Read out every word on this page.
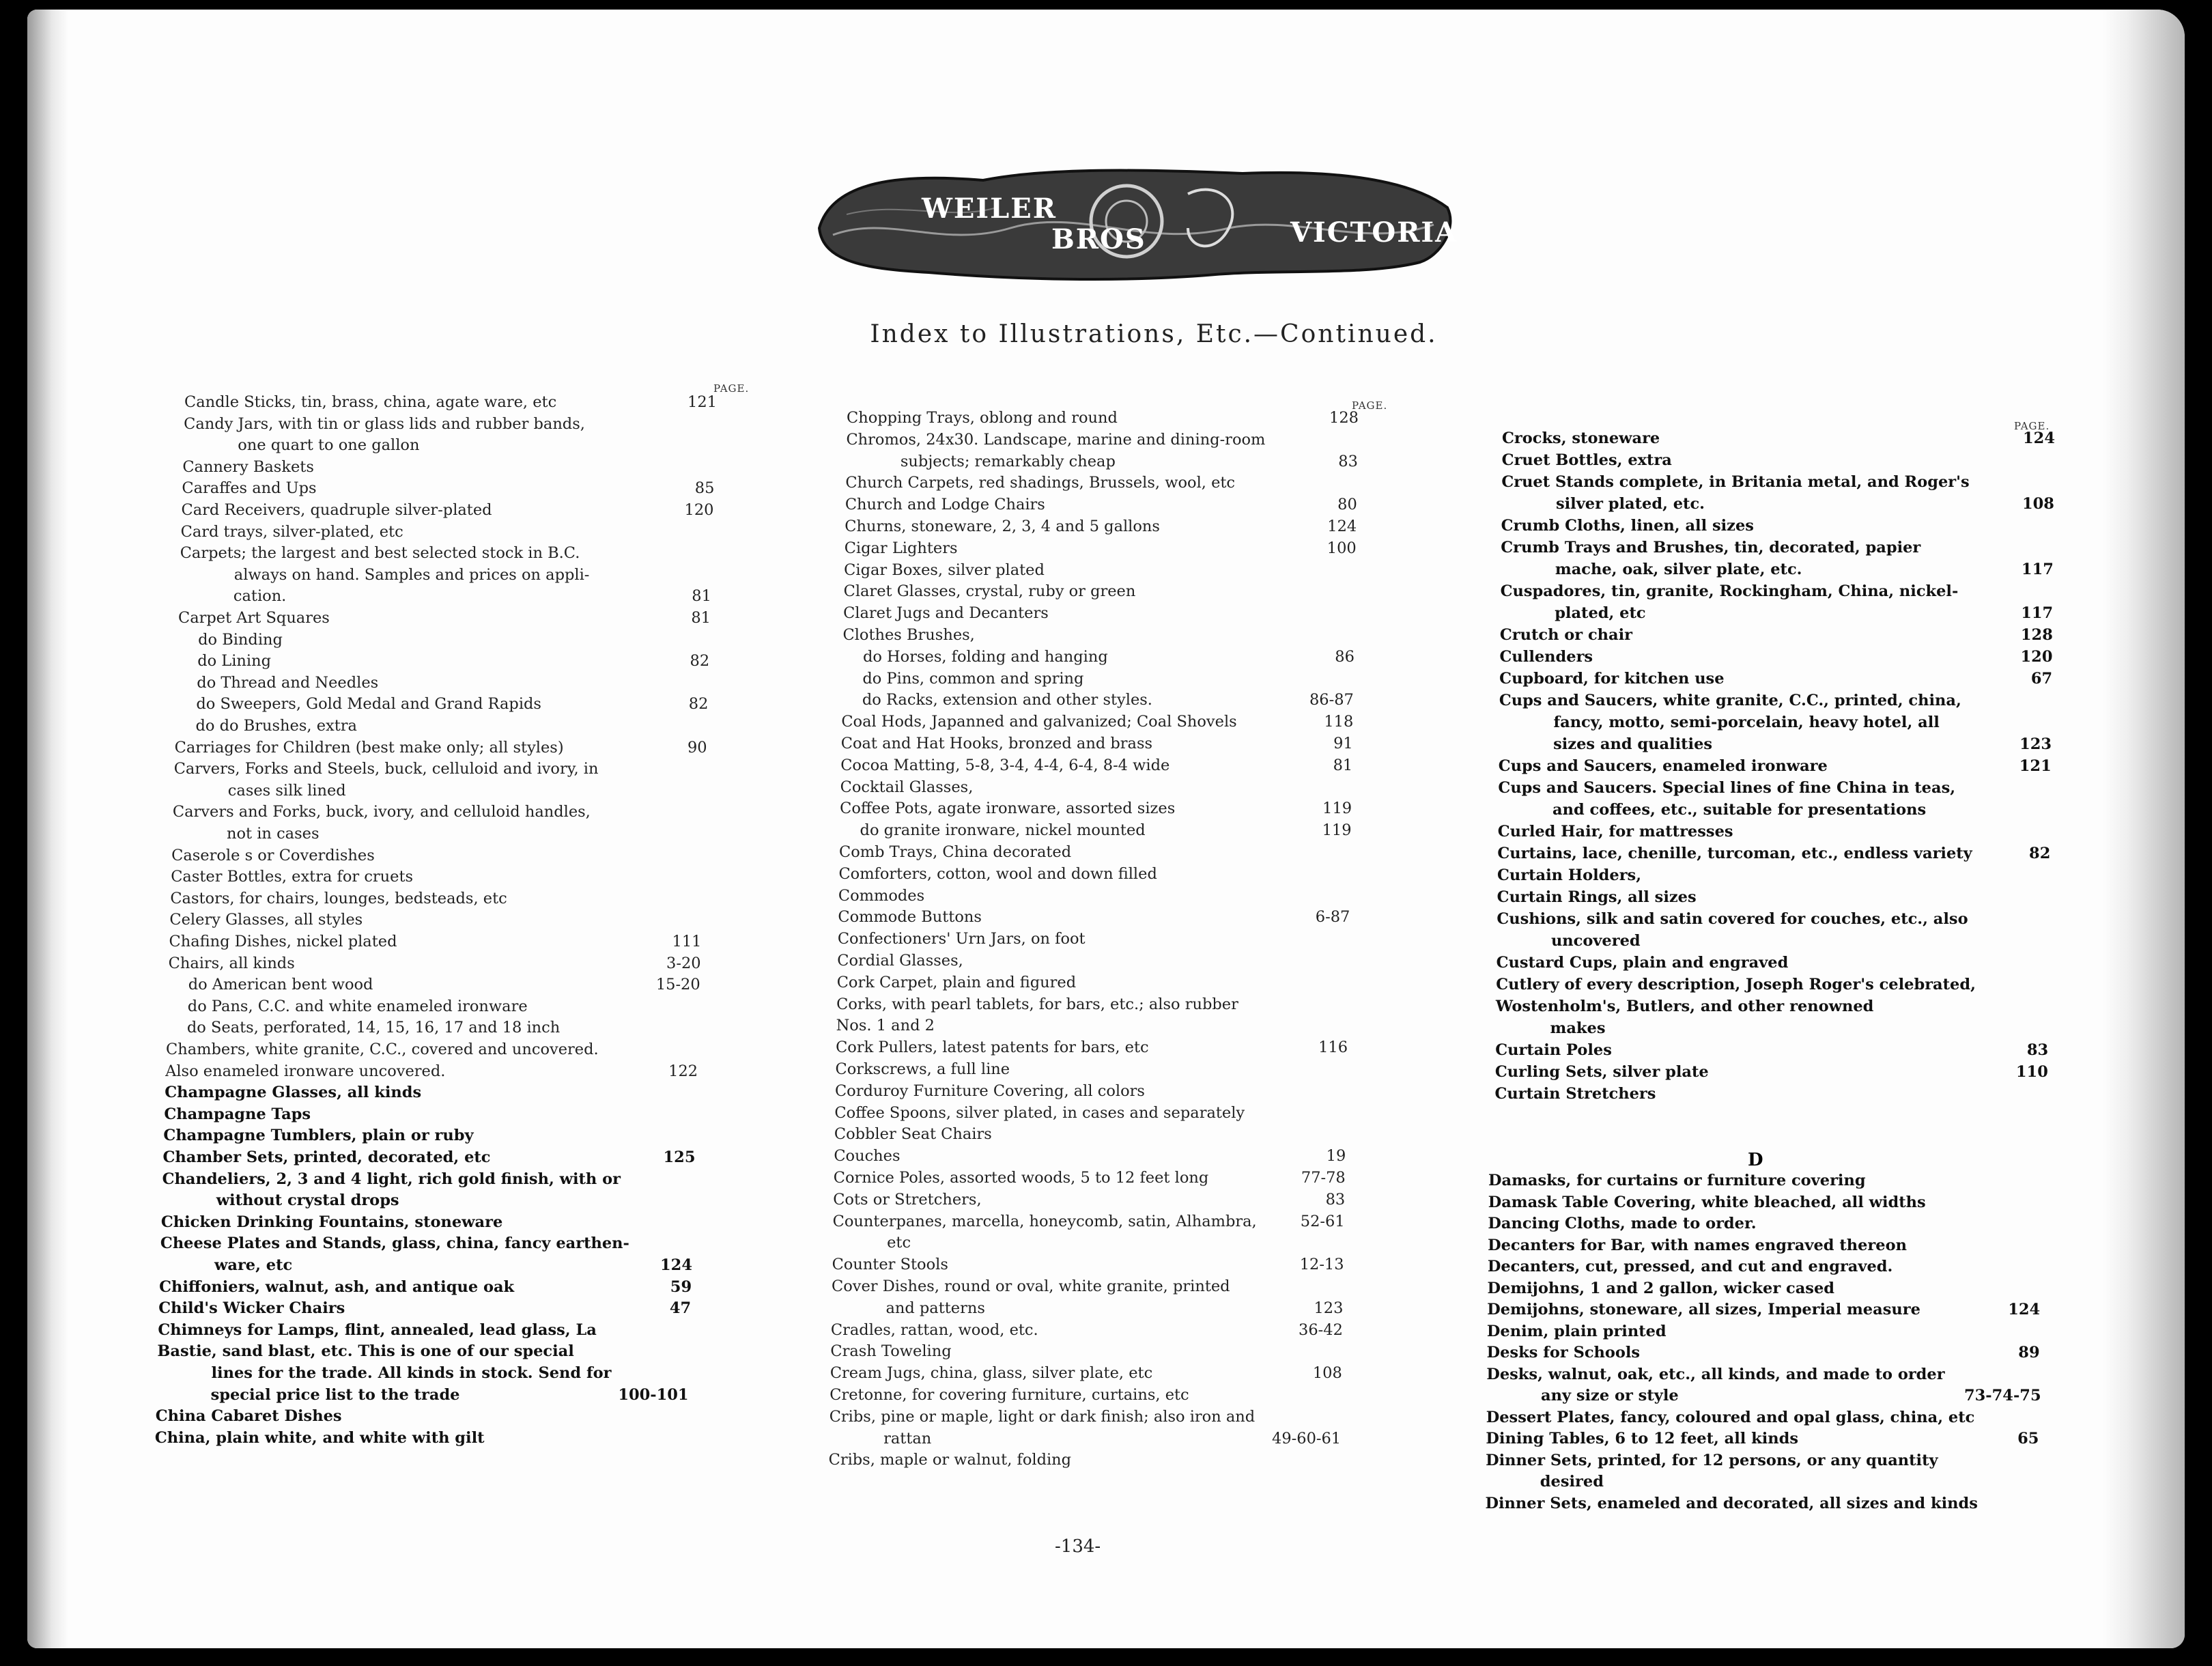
WEILER
BROS	VICTORIA
Index to Illustrations, Etc.—Continued.
PAGE.
Candle Sticks, tin, brass, china, agate ware, etc	121
Candy Jars, with tin or glass lids and rubber bands,
one quart to one gallon
Cannery Baskets
Caraffes and Ups	85
Card Receivers, quadruple silver-plated	120
Card trays, silver-plated, etc
Carpets; the largest and best selected stock in B.C.
always on hand. Samples and prices on appli-
cation.	81
Carpet Art Squares	81
do Binding
do Lining	82
do Thread and Needles
do Sweepers, Gold Medal and Grand Rapids	82
do do Brushes, extra
Carriages for Children (best make only; all styles)	90
Carvers, Forks and Steels, buck, celluloid and ivory, in
cases silk lined
Carvers and Forks, buck, ivory, and celluloid handles,
not in cases
Caserole s or Coverdishes
Caster Bottles, extra for cruets
Castors, for chairs, lounges, bedsteads, etc
Celery Glasses, all styles
Chafing Dishes, nickel plated	111
Chairs, all kinds	3-20
do American bent wood	15-20
do Pans, C.C. and white enameled ironware
do Seats, perforated, 14, 15, 16, 17 and 18 inch
Chambers, white granite, C.C., covered and uncovered.
Also enameled ironware uncovered.	122
Champagne Glasses, all kinds
Champagne Taps
Champagne Tumblers, plain or ruby
Chamber Sets, printed, decorated, etc	125
Chandeliers, 2, 3 and 4 light, rich gold finish, with or
without crystal drops
Chicken Drinking Fountains, stoneware
Cheese Plates and Stands, glass, china, fancy earthen-
ware, etc	124
Chiffoniers, walnut, ash, and antique oak	59
Child's Wicker Chairs	47
Chimneys for Lamps, flint, annealed, lead glass, La
Bastie, sand blast, etc. This is one of our special
lines for the trade. All kinds in stock. Send for
special price list to the trade	100-101
China Cabaret Dishes
China, plain white, and white with gilt
PAGE.
Chopping Trays, oblong and round	128
Chromos, 24x30. Landscape, marine and dining-room
subjects; remarkably cheap	83
Church Carpets, red shadings, Brussels, wool, etc
Church and Lodge Chairs	80
Churns, stoneware, 2, 3, 4 and 5 gallons	124
Cigar Lighters	100
Cigar Boxes, silver plated
Claret Glasses, crystal, ruby or green
Claret Jugs and Decanters
Clothes Brushes,
do Horses, folding and hanging	86
do Pins, common and spring
do Racks, extension and other styles.	86-87
Coal Hods, Japanned and galvanized; Coal Shovels	118
Coat and Hat Hooks, bronzed and brass	91
Cocoa Matting, 5-8, 3-4, 4-4, 6-4, 8-4 wide	81
Cocktail Glasses,
Coffee Pots, agate ironware, assorted sizes	119
do granite ironware, nickel mounted	119
Comb Trays, China decorated
Comforters, cotton, wool and down filled
Commodes
Commode Buttons	6-87
Confectioners' Urn Jars, on foot
Cordial Glasses,
Cork Carpet, plain and figured
Corks, with pearl tablets, for bars, etc.; also rubber
Nos. 1 and 2
Cork Pullers, latest patents for bars, etc	116
Corkscrews, a full line
Corduroy Furniture Covering, all colors
Coffee Spoons, silver plated, in cases and separately
Cobbler Seat Chairs
Couches	19
Cornice Poles, assorted woods, 5 to 12 feet long	77-78
Cots or Stretchers,	83
Counterpanes, marcella, honeycomb, satin, Alhambra,	52-61
etc
Counter Stools	12-13
Cover Dishes, round or oval, white granite, printed
and patterns	123
Cradles, rattan, wood, etc.	36-42
Crash Toweling
Cream Jugs, china, glass, silver plate, etc	108
Cretonne, for covering furniture, curtains, etc
Cribs, pine or maple, light or dark finish; also iron and
rattan	49-60-61
Cribs, maple or walnut, folding
PAGE.
Crocks, stoneware	124
Cruet Bottles, extra
Cruet Stands complete, in Britania metal, and Roger's
silver plated, etc.	108
Crumb Cloths, linen, all sizes
Crumb Trays and Brushes, tin, decorated, papier
mache, oak, silver plate, etc.	117
Cuspadores, tin, granite, Rockingham, China, nickel-
plated, etc	117
Crutch or chair	128
Cullenders	120
Cupboard, for kitchen use	67
Cups and Saucers, white granite, C.C., printed, china,
fancy, motto, semi-porcelain, heavy hotel, all
sizes and qualities	123
Cups and Saucers, enameled ironware	121
Cups and Saucers. Special lines of fine China in teas,
and coffees, etc., suitable for presentations
Curled Hair, for mattresses
Curtains, lace, chenille, turcoman, etc., endless variety	82
Curtain Holders,
Curtain Rings, all sizes
Cushions, silk and satin covered for couches, etc., also
uncovered
Custard Cups, plain and engraved
Cutlery of every description, Joseph Roger's celebrated,
Wostenholm's, Butlers, and other renowned
makes
Curtain Poles	83
Curling Sets, silver plate	110
Curtain Stretchers
D
Damasks, for curtains or furniture covering
Damask Table Covering, white bleached, all widths
Dancing Cloths, made to order.
Decanters for Bar, with names engraved thereon
Decanters, cut, pressed, and cut and engraved.
Demijohns, 1 and 2 gallon, wicker cased
Demijohns, stoneware, all sizes, Imperial measure	124
Denim, plain printed
Desks for Schools	89
Desks, walnut, oak, etc., all kinds, and made to order
any size or style	73-74-75
Dessert Plates, fancy, coloured and opal glass, china, etc
Dining Tables, 6 to 12 feet, all kinds	65
Dinner Sets, printed, for 12 persons, or any quantity
desired
Dinner Sets, enameled and decorated, all sizes and kinds
-134-
